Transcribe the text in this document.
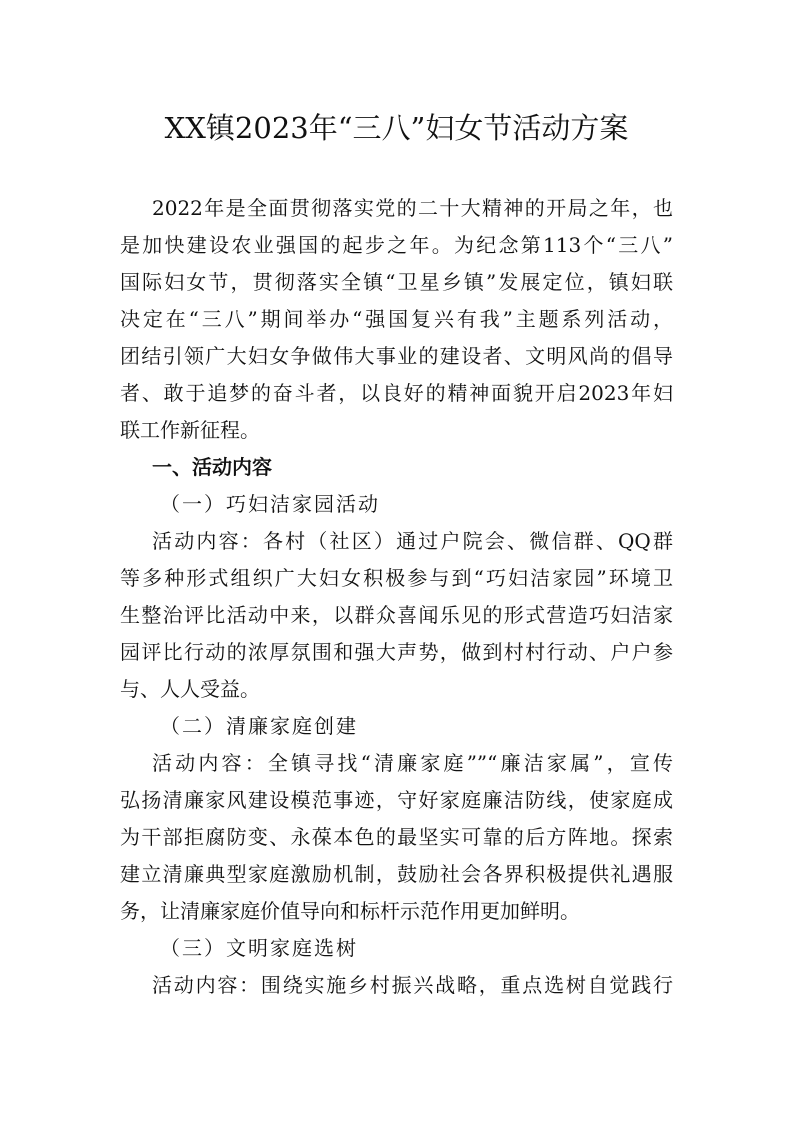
XX镇2023年“三八”妇女节活动方案
2022年是全面贯彻落实党的二十大精神的开局之年，也
是加快建设农业强国的起步之年。为纪念第113个“三八”
国际妇女节，贯彻落实全镇“卫星乡镇”发展定位，镇妇联
决定在“三八”期间举办“强国复兴有我”主题系列活动，
团结引领广大妇女争做伟大事业的建设者、文明风尚的倡导
者、敢于追梦的奋斗者，以良好的精神面貌开启2023年妇
联工作新征程。
一、活动内容
（一）巧妇洁家园活动
活动内容：各村（社区）通过户院会、微信群、QQ群
等多种形式组织广大妇女积极参与到“巧妇洁家园”环境卫
生整治评比活动中来，以群众喜闻乐见的形式营造巧妇洁家
园评比行动的浓厚氛围和强大声势，做到村村行动、户户参
与、人人受益。
（二）清廉家庭创建
活动内容：全镇寻找“清廉家庭””“廉洁家属”，宣传
弘扬清廉家风建设模范事迹，守好家庭廉洁防线，使家庭成
为干部拒腐防变、永葆本色的最坚实可靠的后方阵地。探索
建立清廉典型家庭激励机制，鼓励社会各界积极提供礼遇服
务，让清廉家庭价值导向和标杆示范作用更加鲜明。
（三）文明家庭选树
活动内容：围绕实施乡村振兴战略，重点选树自觉践行
